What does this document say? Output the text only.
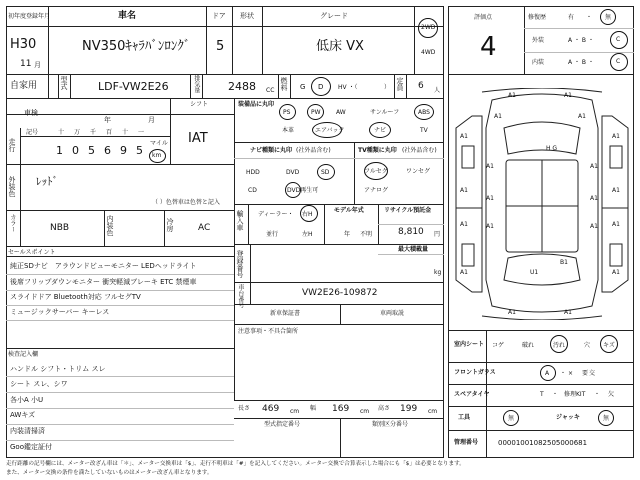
初年度登録年月	車名	ドア 形状	グレード
H30
11 月
NV350ｷｬﾗﾊﾞﾝﾛﾝｸﾞ 5	低床 VX
2WD
4WD
自家用	型式	LDF-VW2E26	排気量	2488 CC 燃料 G D HV ・（	） 定員 6 人
車検
年	月
シフト
IAT
走行
記号	十 万 千 百 十 一
1 0 5 6 9 5
マイル
km
外装色 ﾚｯﾄﾞ
（ ）色替車は色替と記入
カラー	NBB	内装色	冷房	AC
セールスポイント
純正SDナビ　アラウンドビューモニター LEDヘッドライト
後席フリップダウンモニター 衝突軽減ブレーキ ETC 禁煙車
スライドドア Bluetooth対応 フルセグTV
ミュージックサーバー キーレス
検査記入欄
ハンドル シフト・トリム スレ
シート スレ、シワ
各小A 小U
AWキズ
内装清掃済
Goo鑑定証付
装備品に丸印
PS	PW	AW	サンルーフ	ABS
本革	エアバック	ナビ	TV
ナビ種類に丸印 (社外品含む)	TV種類に丸印 (社外品含む)
HDD	DVD	SD
CD	DVD再生可
フルセグ	ワンセグ
アナログ
輸入車 ディーラー・ 右H
並行	左H
モデル年式
年 不明
リサイクル預託金
8,810 円
登録番号
最大積載量
kg
車台番号	VW2E26-109872
新車保証書	車両取説
注意事項・不具合箇所
長さ 469 cm 幅 169 cm 高さ 199 cm
型式指定番号	類別区分番号
評価点
4
修復歴	有 ・ 無
外装	A ・ B ・	C
内装	A ・ B ・	C
A1	A1
A1	A1
A1	A1
A1	A1
A1	A1
A1	A1
A1	A1
A1	A1
A1	A1
A1	A1
U1
B1
H G
室内シート コゲ	破れ	汚れ	穴 キズ
フロントガラス	A ・ × 要 交
スペアタイヤ	T ・ 修理KIT ・ 欠
工具	無	ジャッキ	無
管理番号	00001001082505000681
走行距離の記号欄には、メーター改ざん車は「＊」、メーター交換車は「$」、走行不明車は「#」を記入してください。メーター交換で合算表示した場合にも「$」は必要となります。
また、メーター交換の条件を満たしていないものはメーター改ざん車となります。
